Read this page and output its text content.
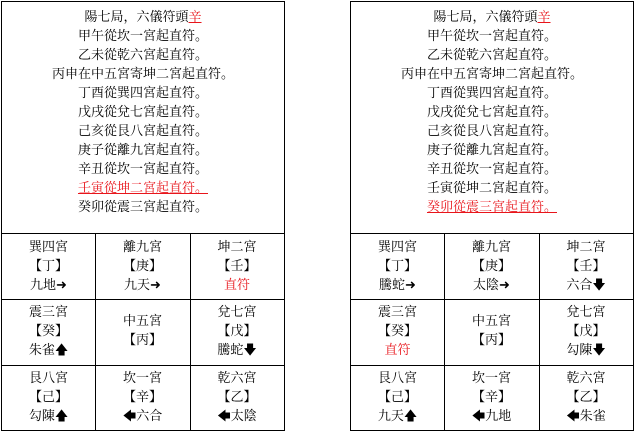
陽七局，六儀符頭辛
甲午從坎一宮起直符。
乙未從乾六宮起直符。
丙申在中五宮寄坤二宮起直符。
丁酉從巽四宮起直符。
戊戌從兌七宮起直符。
己亥從艮八宮起直符。
庚子從離九宮起直符。
辛丑從坎一宮起直符。
壬寅從坤二宮起直符。
癸卯從震三宮起直符。
巽四宮
【丁】
九地➜
離九宮
【庚】
九天➜
坤二宮
【壬】
直符
震三宮
【癸】
朱雀🡅
中五宮
【丙】
兌七宮
【戊】
騰蛇🡇
艮八宮
【己】
勾陳🡅
坎一宮
【辛】
🡄六合
乾六宮
【乙】
🡄太陰
陽七局，六儀符頭辛
甲午從坎一宮起直符。
乙未從乾六宮起直符。
丙申在中五宮寄坤二宮起直符。
丁酉從巽四宮起直符。
戊戌從兌七宮起直符。
己亥從艮八宮起直符。
庚子從離九宮起直符。
辛丑從坎一宮起直符。
壬寅從坤二宮起直符。
癸卯從震三宮起直符。
巽四宮
【丁】
騰蛇➜
離九宮
【庚】
太陰➜
坤二宮
【壬】
六合🡇
震三宮
【癸】
直符
中五宮
【丙】
兌七宮
【戊】
勾陳🡇
艮八宮
【己】
九天🡅
坎一宮
【辛】
🡄九地
乾六宮
【乙】
🡄朱雀
